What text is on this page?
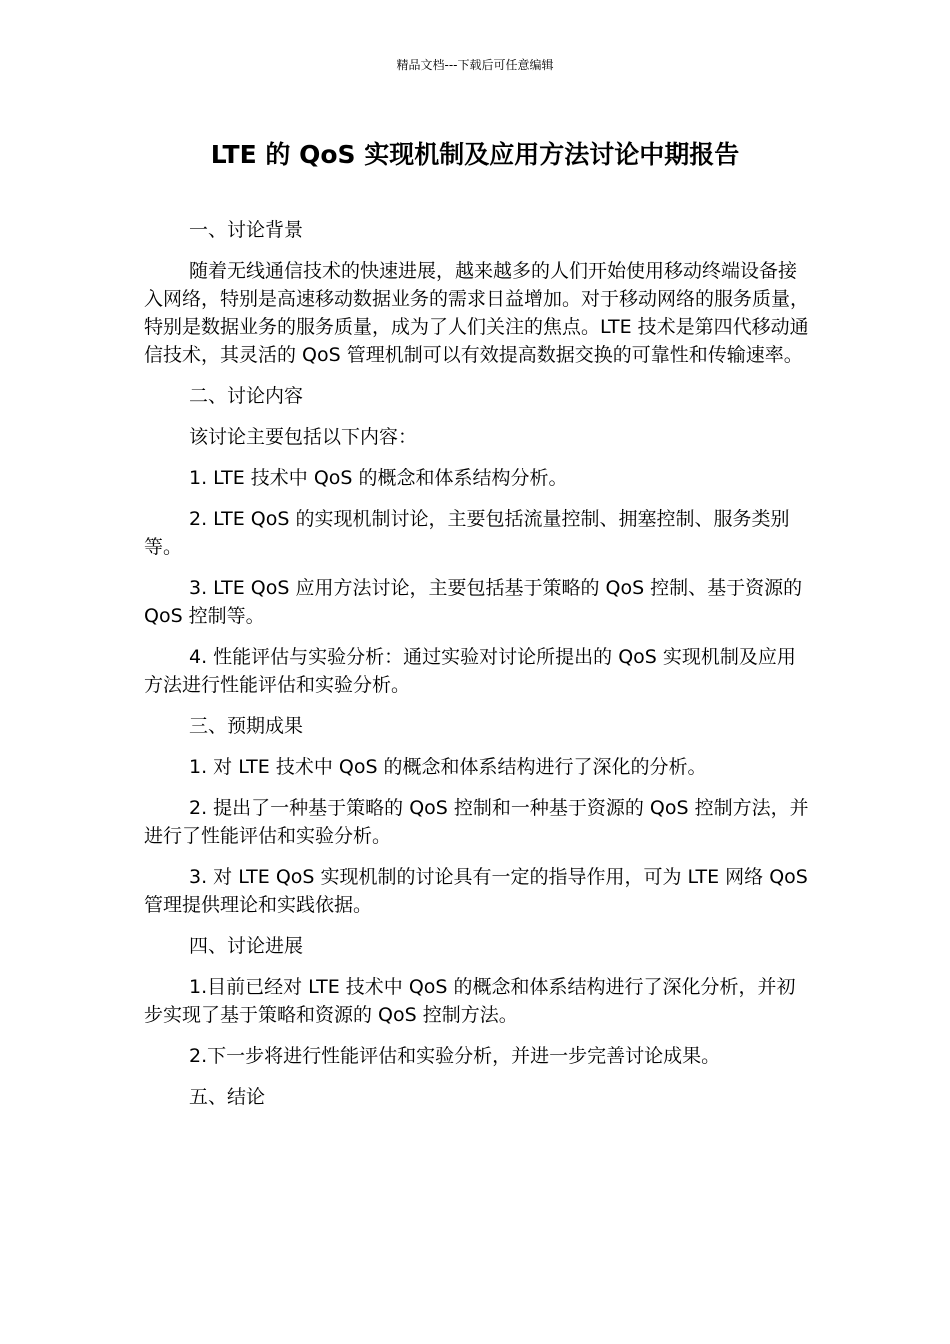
精品文档---下载后可任意编辑
LTE 的 QoS 实现机制及应用方法讨论中期报告

一、讨论背景

随着无线通信技术的快速进展，越来越多的人们开始使用移动终端设备接入网络，特别是高速移动数据业务的需求日益增加。对于移动网络的服务质量，特别是数据业务的服务质量，成为了人们关注的焦点。LTE 技术是第四代移动通信技术，其灵活的 QoS 管理机制可以有效提高数据交换的可靠性和传输速率。

二、讨论内容

该讨论主要包括以下内容：

1. LTE 技术中 QoS 的概念和体系结构分析。

2. LTE QoS 的实现机制讨论，主要包括流量控制、拥塞控制、服务类别等。

3. LTE QoS 应用方法讨论，主要包括基于策略的 QoS 控制、基于资源的 QoS 控制等。

4. 性能评估与实验分析：通过实验对讨论所提出的 QoS 实现机制及应用方法进行性能评估和实验分析。

三、预期成果

1. 对 LTE 技术中 QoS 的概念和体系结构进行了深化的分析。

2. 提出了一种基于策略的 QoS 控制和一种基于资源的 QoS 控制方法，并进行了性能评估和实验分析。

3. 对 LTE QoS 实现机制的讨论具有一定的指导作用，可为 LTE 网络 QoS 管理提供理论和实践依据。

四、讨论进展

1.目前已经对 LTE 技术中 QoS 的概念和体系结构进行了深化分析，并初步实现了基于策略和资源的 QoS 控制方法。

2.下一步将进行性能评估和实验分析，并进一步完善讨论成果。

五、结论
